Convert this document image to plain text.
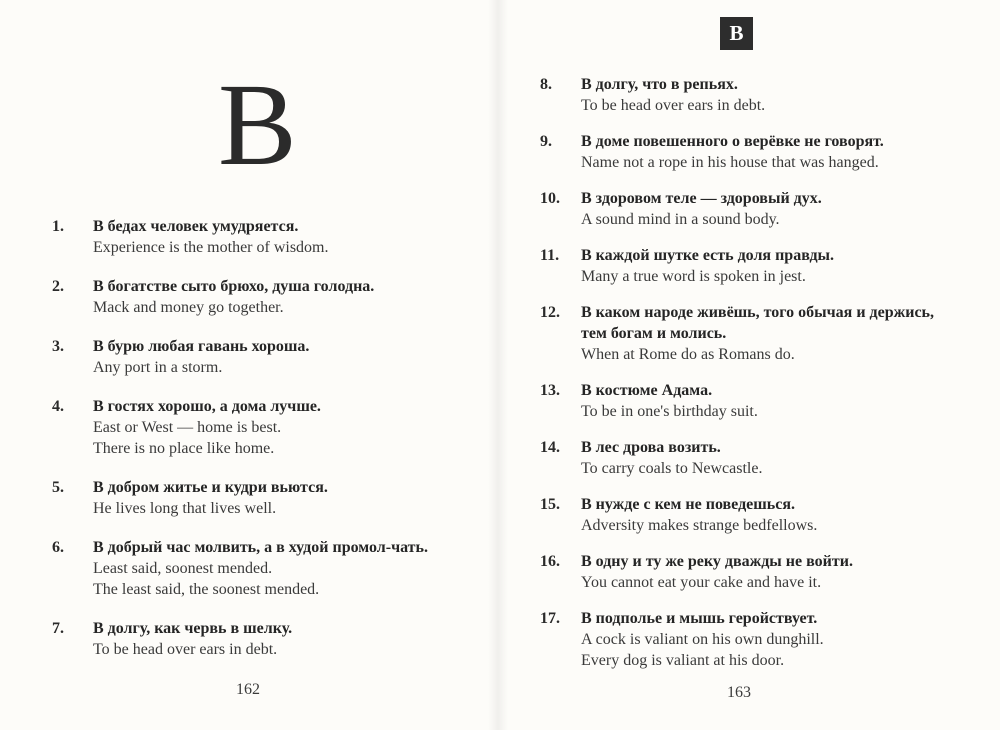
B
1.	В бедах человек умудряется.
Experience is the mother of wisdom.
2.	В богатстве сыто брюхо, душа голодна.
Mack and money go together.
3.	В бурю любая гавань хороша.
Any port in a storm.
4.	В гостях хорошо, а дома лучше.
East or West — home is best.
There is no place like home.
5.	В добром житье и кудри вьются.
He lives long that lives well.
6.	В добрый час молвить, а в худой промол-чать.
Least said, soonest mended.
The least said, the soonest mended.
7.	В долгу, как червь в шелку.
To be head over ears in debt.
162
B
8.	В долгу, что в репьях.
To be head over ears in debt.
9.	В доме повешенного о верёвке не говорят.
Name not a rope in his house that was hanged.
10.	В здоровом теле — здоровый дух.
A sound mind in a sound body.
11.	В каждой шутке есть доля правды.
Many a true word is spoken in jest.
12.	В каком народе живёшь, того обычая и держись, тем богам и молись.
When at Rome do as Romans do.
13.	В костюме Адама.
To be in one's birthday suit.
14.	В лес дрова возить.
To carry coals to Newcastle.
15.	В нужде с кем не поведешься.
Adversity makes strange bedfellows.
16.	В одну и ту же реку дважды не войти.
You cannot eat your cake and have it.
17.	В подполье и мышь геройствует.
A cock is valiant on his own dunghill.
Every dog is valiant at his door.
163
